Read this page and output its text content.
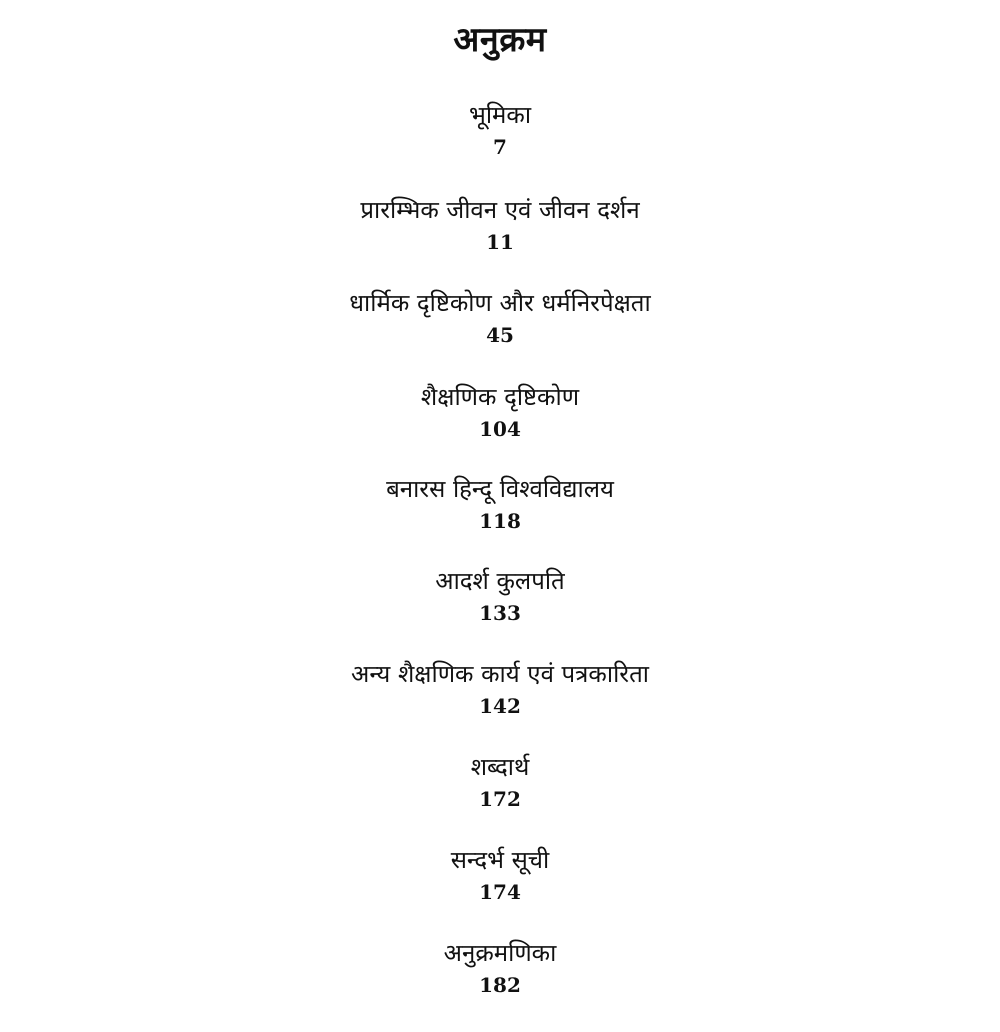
अनुक्रम
भूमिका
7
प्रारम्भिक जीवन एवं जीवन दर्शन
11
धार्मिक दृष्टिकोण और धर्मनिरपेक्षता
45
शैक्षणिक दृष्टिकोण
104
बनारस हिन्दू विश्वविद्यालय
118
आदर्श कुलपति
133
अन्य शैक्षणिक कार्य एवं पत्रकारिता
142
शब्दार्थ
172
सन्दर्भ सूची
174
अनुक्रमणिका
182
